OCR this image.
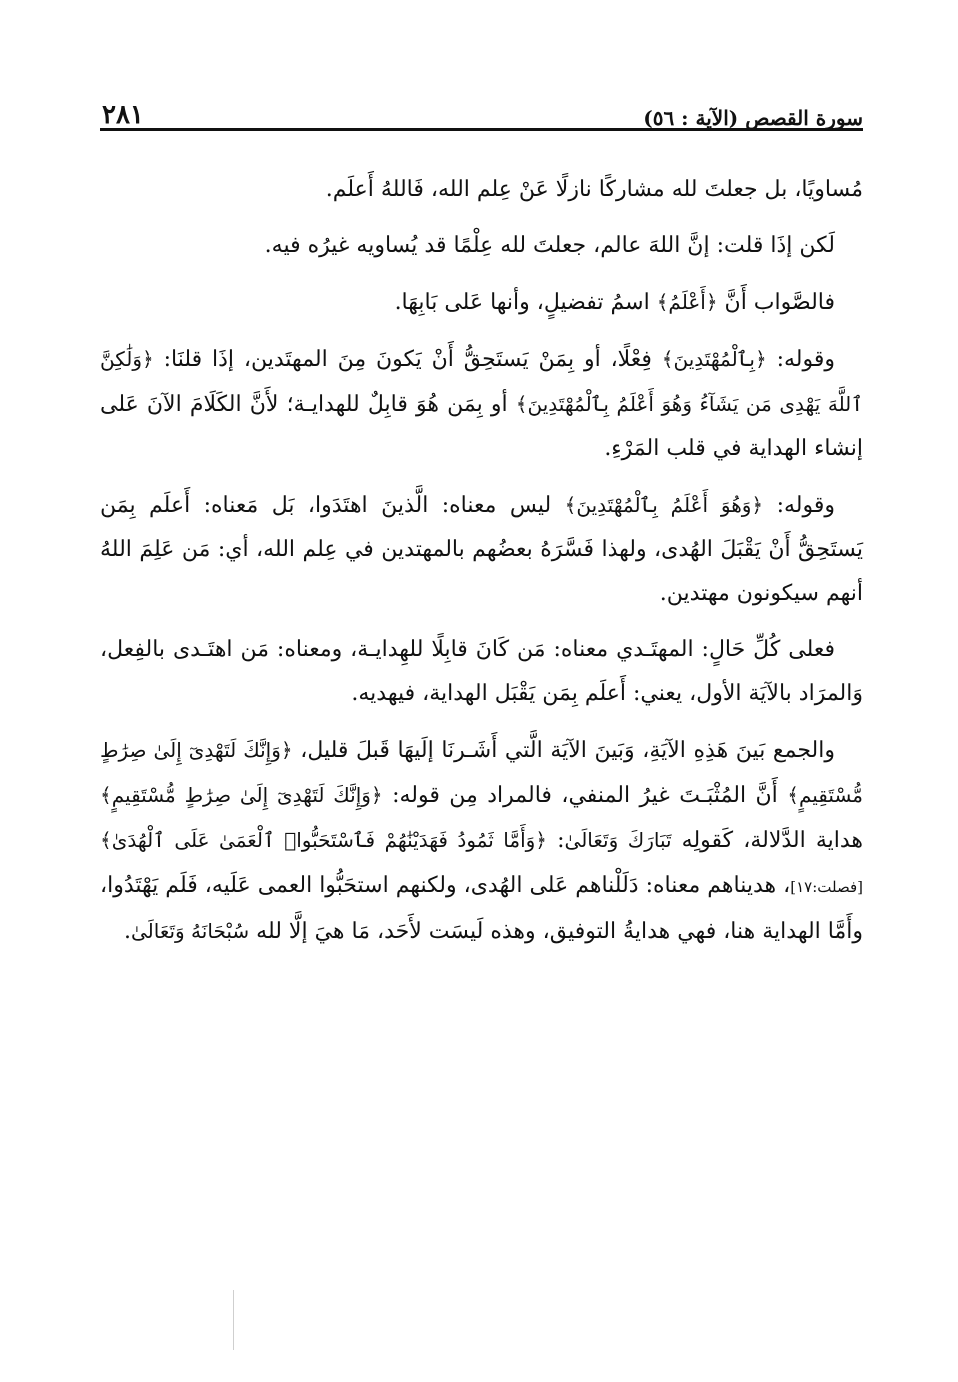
٢٨١	سورة القصص (الآية : ٥٦)

مُساويًا، بل جعلتَ لله مشاركًا نازلًا عَنْ عِلم الله، فَاللهُ أَعلَم.

لَكن إذَا قلت: إنَّ اللهَ عالم، جعلتَ لله عِلْمًا قد يُساويه غيرُه فيه.

فالصَّواب أَنَّ ﴿أَعْلَمُ﴾ اسمُ تفضيلٍ، وأنها عَلى بَابِهَا.

وقوله: ﴿بِٱلْمُهْتَدِينَ﴾ فِعْلًا، أو بِمَنْ يَستَحِقُّ أَنْ يَكونَ مِنَ المهتَدين، إذَا قلنَا: ﴿وَلَٰكِنَّ ٱللَّهَ يَهْدِى مَن يَشَآءُ وَهُوَ أَعْلَمُ بِٱلْمُهْتَدِينَ﴾ أو بِمَن هُوَ قابِلٌ للهدايـة؛ لأَنَّ الكَلَامَ الآنَ عَلى إنشاء الهداية في قلب المَرْءِ.

وقوله: ﴿وَهُوَ أَعْلَمُ بِٱلْمُهْتَدِينَ﴾ ليس معناه: الَّذينَ اهتَدَوا، بَل مَعناه: أَعلَم بِمَن يَستَحِقُّ أَنْ يَقْبَلَ الهُدى، ولهذا فَسَّرَهُ بعضُهم بالمهتدين في عِلم الله، أي: مَن عَلِمَ اللهُ أنهم سيكونون مهتدين.

فعلى كُلِّ حَالٍ: المهتَـدي معناه: مَن كَانَ قابِلًا للهِدايـة، ومعناه: مَن اهتَـدى بالفِعل، وَالمرَاد بالآيَة الأول، يعني: أَعلَم بِمَن يَقْبَل الهداية، فيهديه.

والجمع بَينَ هَذِهِ الآيَةِ، وَبَينَ الآيَة الَّتي أَشَـرنَا إلَيهَا قَبلَ قليل، ﴿وَإِنَّكَ لَتَهْدِىٓ إِلَىٰ صِرَٰطٍ مُّسْتَقِيمٍ﴾ أَنَّ المُثْبَـتَ غيرُ المنفي، فالمراد مِن قوله: ﴿وَإِنَّكَ لَتَهْدِىٓ إِلَىٰ صِرَٰطٍ مُّسْتَقِيمٍ﴾ هداية الدَّلالة، كَقولِه تَبَارَكَ وَتَعَالَىٰ: ﴿وَأَمَّا ثَمُودُ فَهَدَيْنَٰهُمْ فَٱسْتَحَبُّوا۟ ٱلْعَمَىٰ عَلَى ٱلْهُدَىٰ﴾ [فصلت:١٧]، هديناهم معناه: دَلَلْناهم عَلى الهُدى، ولكنهم استحَبُّوا العمى عَلَيه، فَلَم يَهْتَدُوا، وأَمَّا الهداية هنا، فهي هدايةُ التوفيق، وهذه لَيسَت لأَحَد، مَا هيَ إلَّا لله سُبْحَانَهُ وَتَعَالَىٰ.
